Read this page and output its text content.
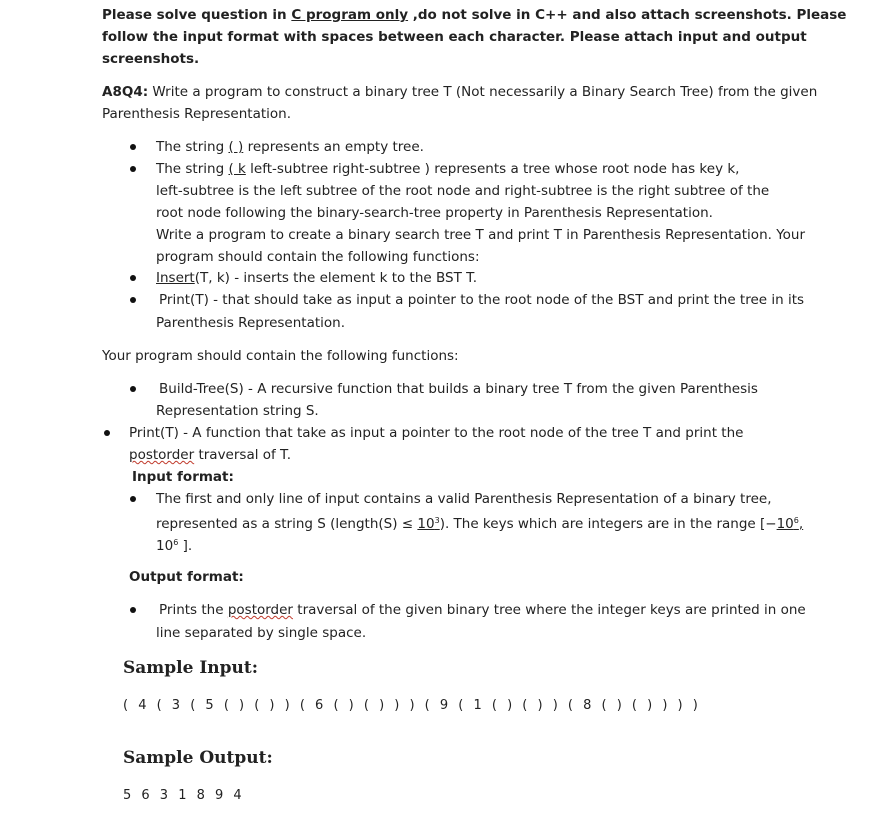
Please solve question in C program only ,do not solve in C++ and also attach screenshots. Please
follow the input format with spaces between each character. Please attach input and output
screenshots.
A8Q4: Write a program to construct a binary tree T (Not necessarily a Binary Search Tree) from the given
Parenthesis Representation.
The string ( ) represents an empty tree.
The string ( k left-subtree right-subtree ) represents a tree whose root node has key k,
left-subtree is the left subtree of the root node and right-subtree is the right subtree of the
root node following the binary-search-tree property in Parenthesis Representation.
Write a program to create a binary search tree T and print T in Parenthesis Representation. Your
program should contain the following functions:
Insert(T, k) - inserts the element k to the BST T.
Print(T) - that should take as input a pointer to the root node of the BST and print the tree in its
Parenthesis Representation.
Your program should contain the following functions:
Build-Tree(S) - A recursive function that builds a binary tree T from the given Parenthesis
Representation string S.
Print(T) - A function that take as input a pointer to the root node of the tree T and print the
postorder traversal of T.
Input format:
The first and only line of input contains a valid Parenthesis Representation of a binary tree,
represented as a string S (length(S) ≤ $10^3$). The keys which are integers are in the range [$-10^6$,
$10^6$ ].
Output format:
Prints the postorder traversal of the given binary tree where the integer keys are printed in one
line separated by single space.
Sample Input:
( 4 ( 3 ( 5 ( ) ( ) ) ( 6 ( ) ( ) ) ) ( 9 ( 1 ( ) ( ) ) ( 8 ( ) ( ) ) ) )
Sample Output:
5 6 3 1 8 9 4
